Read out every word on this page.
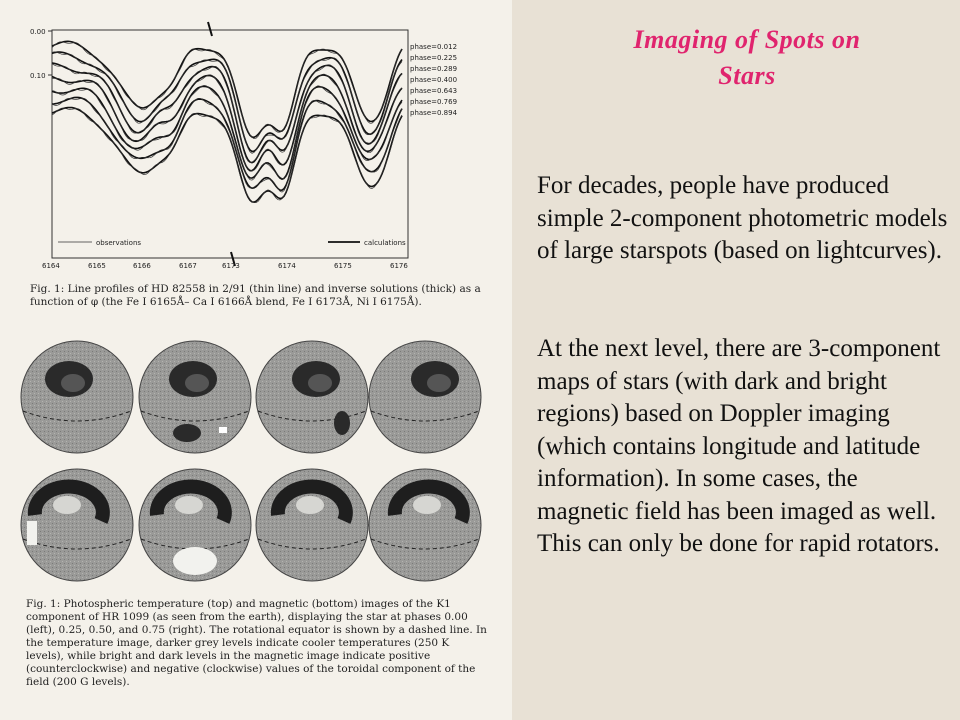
0.00
0.10
6164	6165	6166	6167	6173	6174	6175	6176
phase=0.012
phase=0.225
phase=0.289
phase=0.400
phase=0.643
phase=0.769
phase=0.894
observations	calculations

Fig. 1: Line profiles of HD 82558 in 2/91 (thin line) and inverse solutions (thick) as a function of φ (the Fe I 6165Å– Ca I 6166Å blend, Fe I 6173Å, Ni I 6175Å).

Fig. 1: Photospheric temperature (top) and magnetic (bottom) images of the K1 component of HR 1099 (as seen from the earth), displaying the star at phases 0.00 (left), 0.25, 0.50, and 0.75 (right). The rotational equator is shown by a dashed line. In the temperature image, darker grey levels indicate cooler temperatures (250 K levels), while bright and dark levels in the magnetic image indicate positive (counterclockwise) and negative (clockwise) values of the toroidal component of the field (200 G levels).

Imaging of Spots on
Stars
For decades, people have produced simple 2-component photometric models of large starspots (based on lightcurves).
At the next level, there are 3-component maps of stars (with dark and bright regions) based on Doppler imaging (which contains longitude and latitude information). In some cases, the magnetic field has been imaged as well. This can only be done for rapid rotators.
